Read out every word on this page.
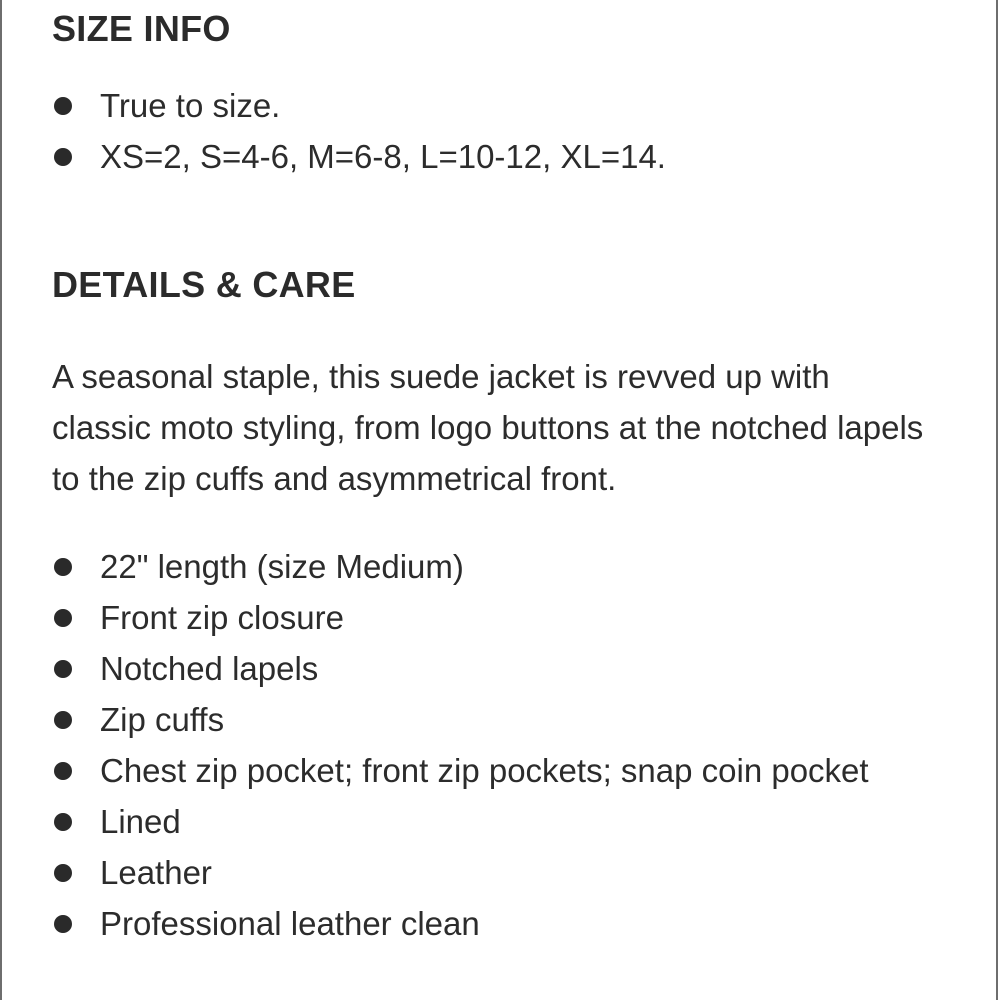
SIZE INFO
True to size.
XS=2, S=4-6, M=6-8, L=10-12, XL=14.
DETAILS & CARE

A seasonal staple, this suede jacket is revved up with classic moto styling, from logo buttons at the notched lapels to the zip cuffs and asymmetrical front.

22" length (size Medium)
Front zip closure
Notched lapels
Zip cuffs
Chest zip pocket; front zip pockets; snap coin pocket
Lined
Leather
Professional leather clean
